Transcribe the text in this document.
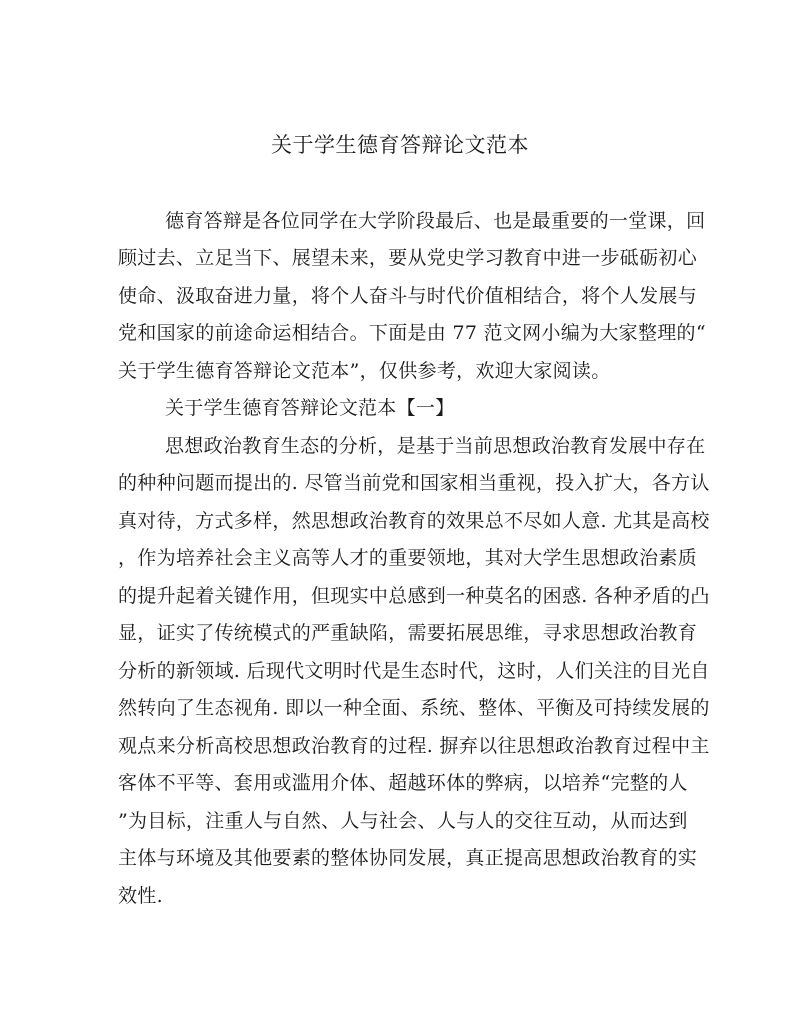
关于学生德育答辩论文范本
德育答辩是各位同学在大学阶段最后、也是最重要的一堂课，回
顾过去、立足当下、展望未来，要从党史学习教育中进一步砥砺初心
使命、汲取奋进力量，将个人奋斗与时代价值相结合，将个人发展与
党和国家的前途命运相结合。下面是由 77 范文网小编为大家整理的“
关于学生德育答辩论文范本”，仅供参考，欢迎大家阅读。
关于学生德育答辩论文范本【一】
思想政治教育生态的分析，是基于当前思想政治教育发展中存在
的种种问题而提出的. 尽管当前党和国家相当重视，投入扩大，各方认
真对待，方式多样，然思想政治教育的效果总不尽如人意. 尤其是高校
，作为培养社会主义高等人才的重要领地，其对大学生思想政治素质
的提升起着关键作用，但现实中总感到一种莫名的困惑. 各种矛盾的凸
显，证实了传统模式的严重缺陷，需要拓展思维，寻求思想政治教育
分析的新领域. 后现代文明时代是生态时代，这时，人们关注的目光自
然转向了生态视角. 即以一种全面、系统、整体、平衡及可持续发展的
观点来分析高校思想政治教育的过程. 摒弃以往思想政治教育过程中主
客体不平等、套用或滥用介体、超越环体的弊病，以培养“完整的人
”为目标，注重人与自然、人与社会、人与人的交往互动，从而达到
主体与环境及其他要素的整体协同发展，真正提高思想政治教育的实
效性.
